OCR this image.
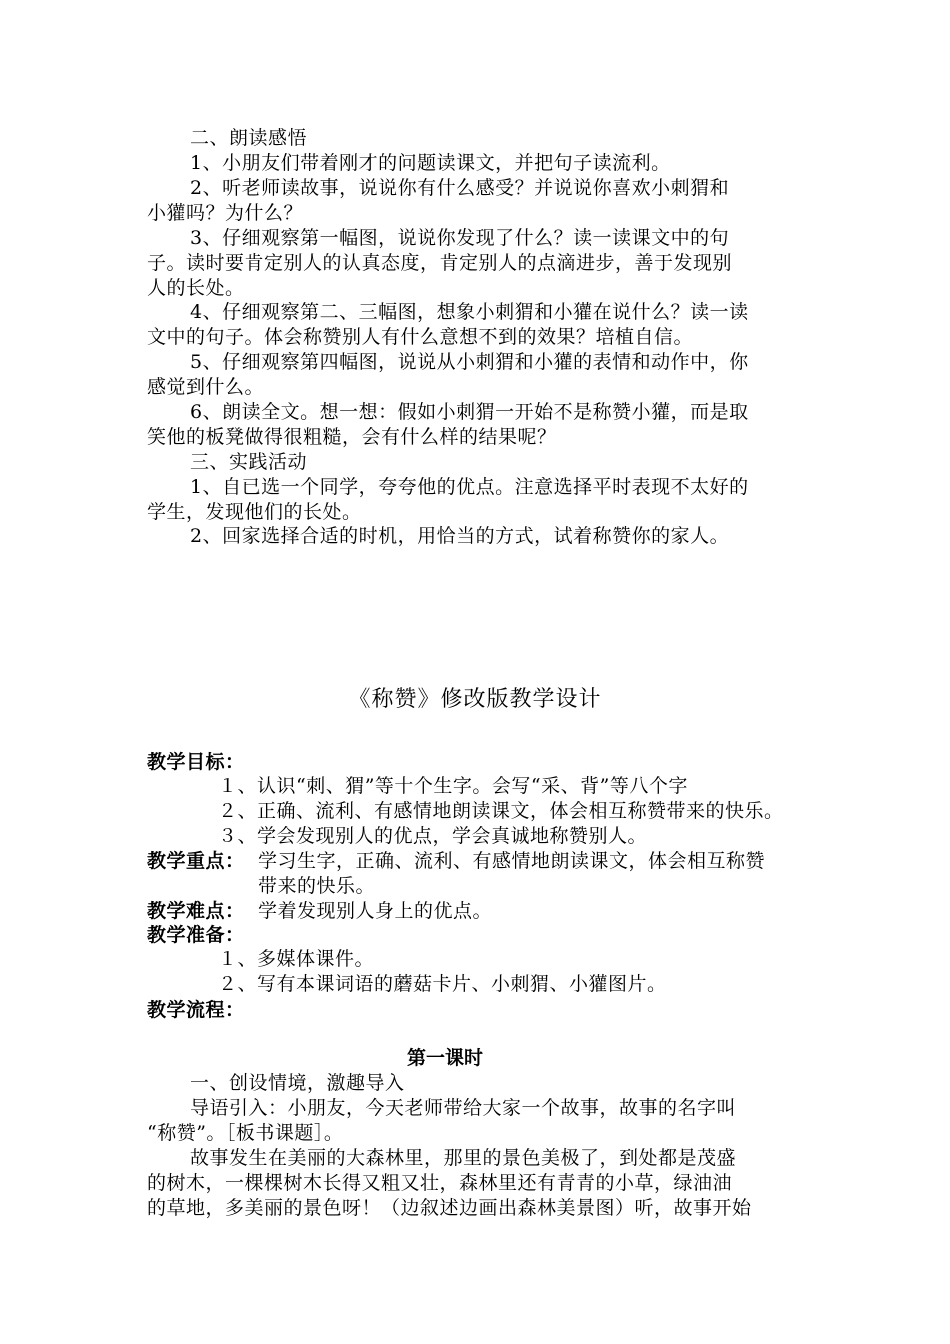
二、朗读感悟
1、小朋友们带着刚才的问题读课文，并把句子读流利。
2、听老师读故事，说说你有什么感受？并说说你喜欢小刺猬和
小獾吗？为什么？
3、仔细观察第一幅图，说说你发现了什么？读一读课文中的句
子。读时要肯定别人的认真态度，肯定别人的点滴进步，善于发现别
人的长处。
4、仔细观察第二、三幅图，想象小刺猬和小獾在说什么？读一读
文中的句子。体会称赞别人有什么意想不到的效果？培植自信。
5、仔细观察第四幅图，说说从小刺猬和小獾的表情和动作中，你
感觉到什么。
6、朗读全文。想一想：假如小刺猬一开始不是称赞小獾，而是取
笑他的板凳做得很粗糙，会有什么样的结果呢？
三、实践活动
1、自已选一个同学，夸夸他的优点。注意选择平时表现不太好的
学生，发现他们的长处。
2、回家选择合适的时机，用恰当的方式，试着称赞你的家人。
《称赞》修改版教学设计
教学目标：
１、认识“刺、猬”等十个生字。会写“采、背”等八个字
２、正确、流利、有感情地朗读课文，体会相互称赞带来的快乐。
３、学会发现别人的优点，学会真诚地称赞别人。
教学重点： 学习生字，正确、流利、有感情地朗读课文，体会相互称赞
带来的快乐。
教学难点： 学着发现别人身上的优点。
教学准备：
１、多媒体课件。
２、写有本课词语的蘑菇卡片、小刺猬、小獾图片。
教学流程：
第一课时
一、创设情境，激趣导入
导语引入：小朋友，今天老师带给大家一个故事，故事的名字叫
“称赞”。［板书课题］。
故事发生在美丽的大森林里，那里的景色美极了，到处都是茂盛
的树木，一棵棵树木长得又粗又壮，森林里还有青青的小草，绿油油
的草地，多美丽的景色呀！（边叙述边画出森林美景图）听，故事开始
